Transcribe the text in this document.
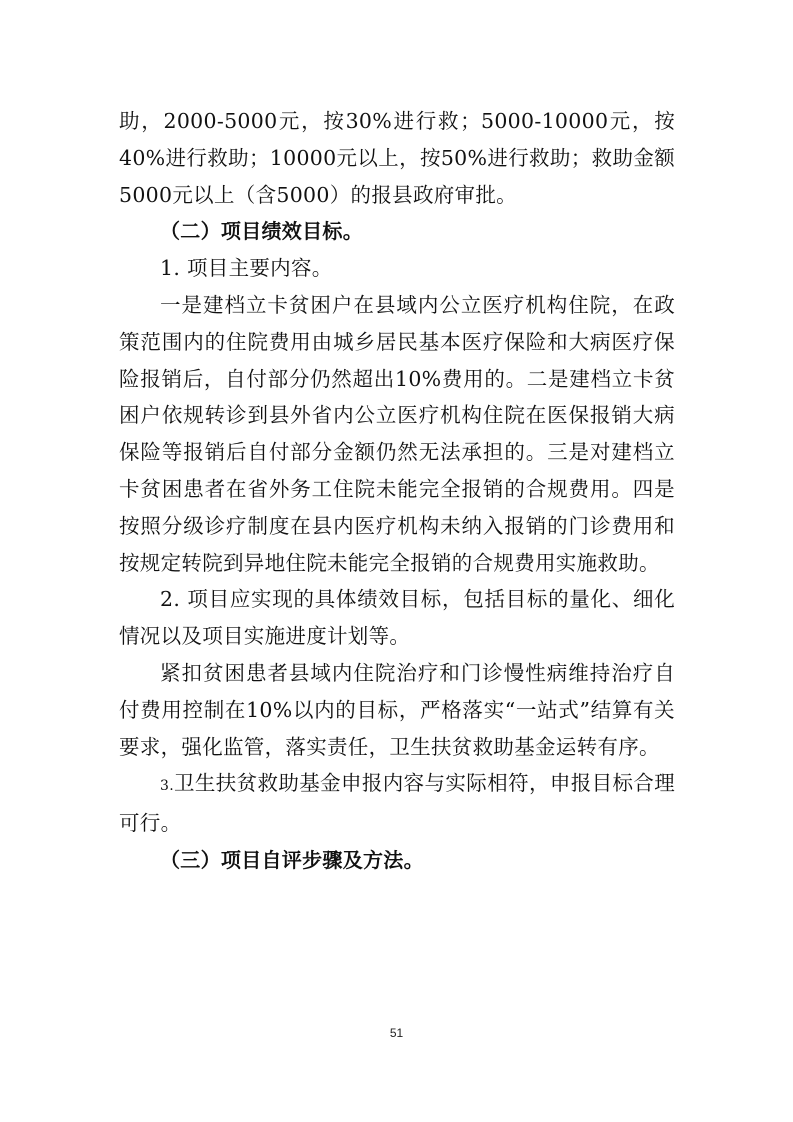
助，2000-5000元，按30%进行救；5000-10000元，按40%进行救助；10000元以上，按50%进行救助；救助金额5000元以上（含5000）的报县政府审批。

（二）项目绩效目标。

1. 项目主要内容。

一是建档立卡贫困户在县域内公立医疗机构住院，在政策范围内的住院费用由城乡居民基本医疗保险和大病医疗保险报销后，自付部分仍然超出10%费用的。二是建档立卡贫困户依规转诊到县外省内公立医疗机构住院在医保报销大病保险等报销后自付部分金额仍然无法承担的。三是对建档立卡贫困患者在省外务工住院未能完全报销的合规费用。四是按照分级诊疗制度在县内医疗机构未纳入报销的门诊费用和按规定转院到异地住院未能完全报销的合规费用实施救助。

2. 项目应实现的具体绩效目标，包括目标的量化、细化情况以及项目实施进度计划等。

紧扣贫困患者县域内住院治疗和门诊慢性病维持治疗自付费用控制在10%以内的目标，严格落实“一站式”结算有关要求，强化监管，落实责任，卫生扶贫救助基金运转有序。

3.卫生扶贫救助基金申报内容与实际相符，申报目标合理可行。

（三）项目自评步骤及方法。

51
